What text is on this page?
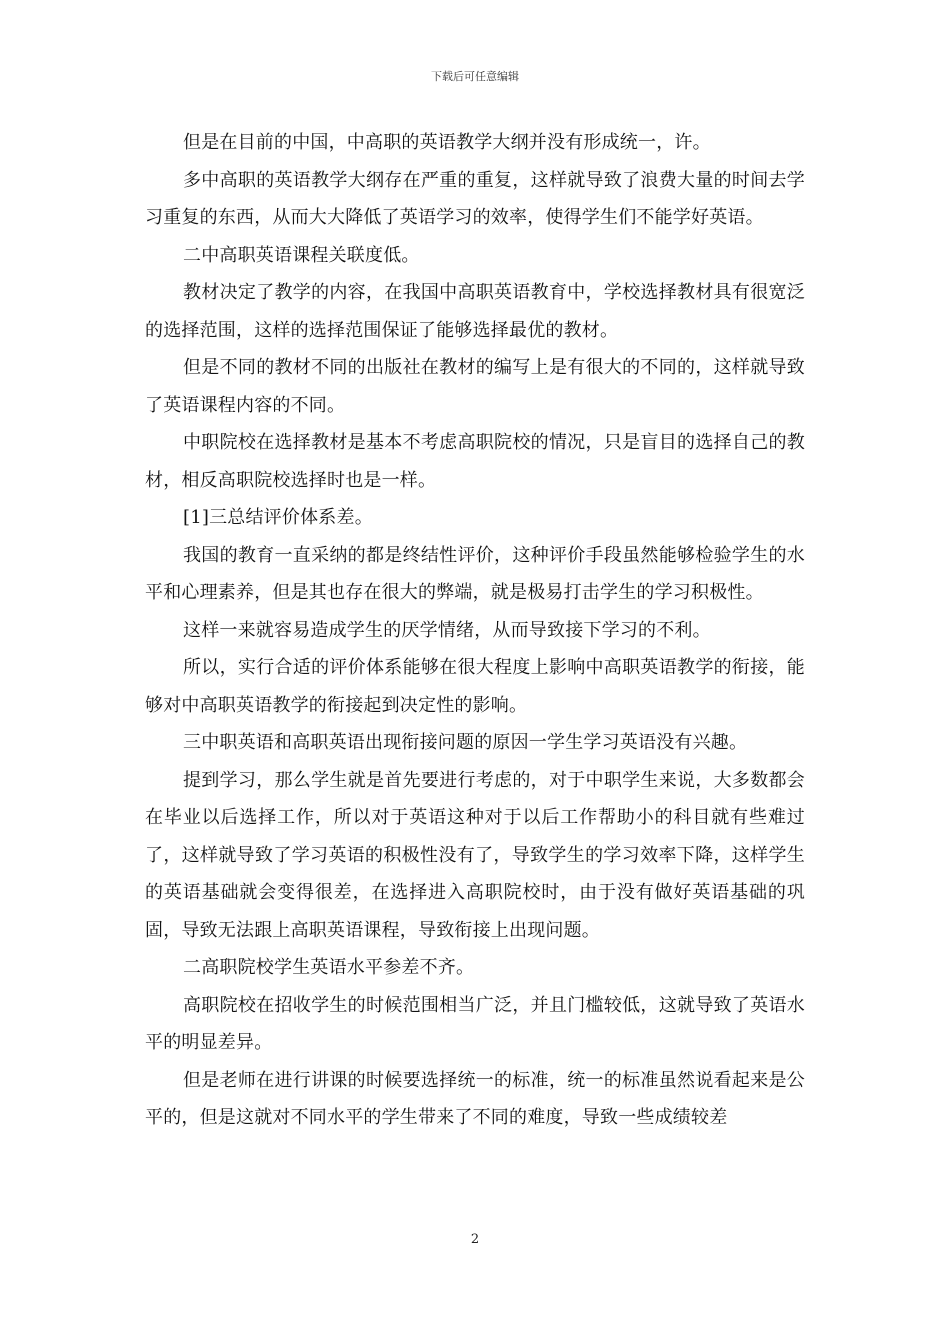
下载后可任意编辑

但是在目前的中国，中高职的英语教学大纲并没有形成统一，许。

多中高职的英语教学大纲存在严重的重复，这样就导致了浪费大量的时间去学习重复的东西，从而大大降低了英语学习的效率，使得学生们不能学好英语。

二中高职英语课程关联度低。

教材决定了教学的内容，在我国中高职英语教育中，学校选择教材具有很宽泛的选择范围，这样的选择范围保证了能够选择最优的教材。

但是不同的教材不同的出版社在教材的编写上是有很大的不同的，这样就导致了英语课程内容的不同。

中职院校在选择教材是基本不考虑高职院校的情况，只是盲目的选择自己的教材，相反高职院校选择时也是一样。

[1]三总结评价体系差。

我国的教育一直采纳的都是终结性评价，这种评价手段虽然能够检验学生的水平和心理素养，但是其也存在很大的弊端，就是极易打击学生的学习积极性。

这样一来就容易造成学生的厌学情绪，从而导致接下学习的不利。

所以，实行合适的评价体系能够在很大程度上影响中高职英语教学的衔接，能够对中高职英语教学的衔接起到决定性的影响。

三中职英语和高职英语出现衔接问题的原因一学生学习英语没有兴趣。

提到学习，那么学生就是首先要进行考虑的，对于中职学生来说，大多数都会在毕业以后选择工作，所以对于英语这种对于以后工作帮助小的科目就有些难过了，这样就导致了学习英语的积极性没有了，导致学生的学习效率下降，这样学生的英语基础就会变得很差，在选择进入高职院校时，由于没有做好英语基础的巩固，导致无法跟上高职英语课程，导致衔接上出现问题。

二高职院校学生英语水平参差不齐。

高职院校在招收学生的时候范围相当广泛，并且门槛较低，这就导致了英语水平的明显差异。

但是老师在进行讲课的时候要选择统一的标准，统一的标准虽然说看起来是公平的，但是这就对不同水平的学生带来了不同的难度，导致一些成绩较差

2
